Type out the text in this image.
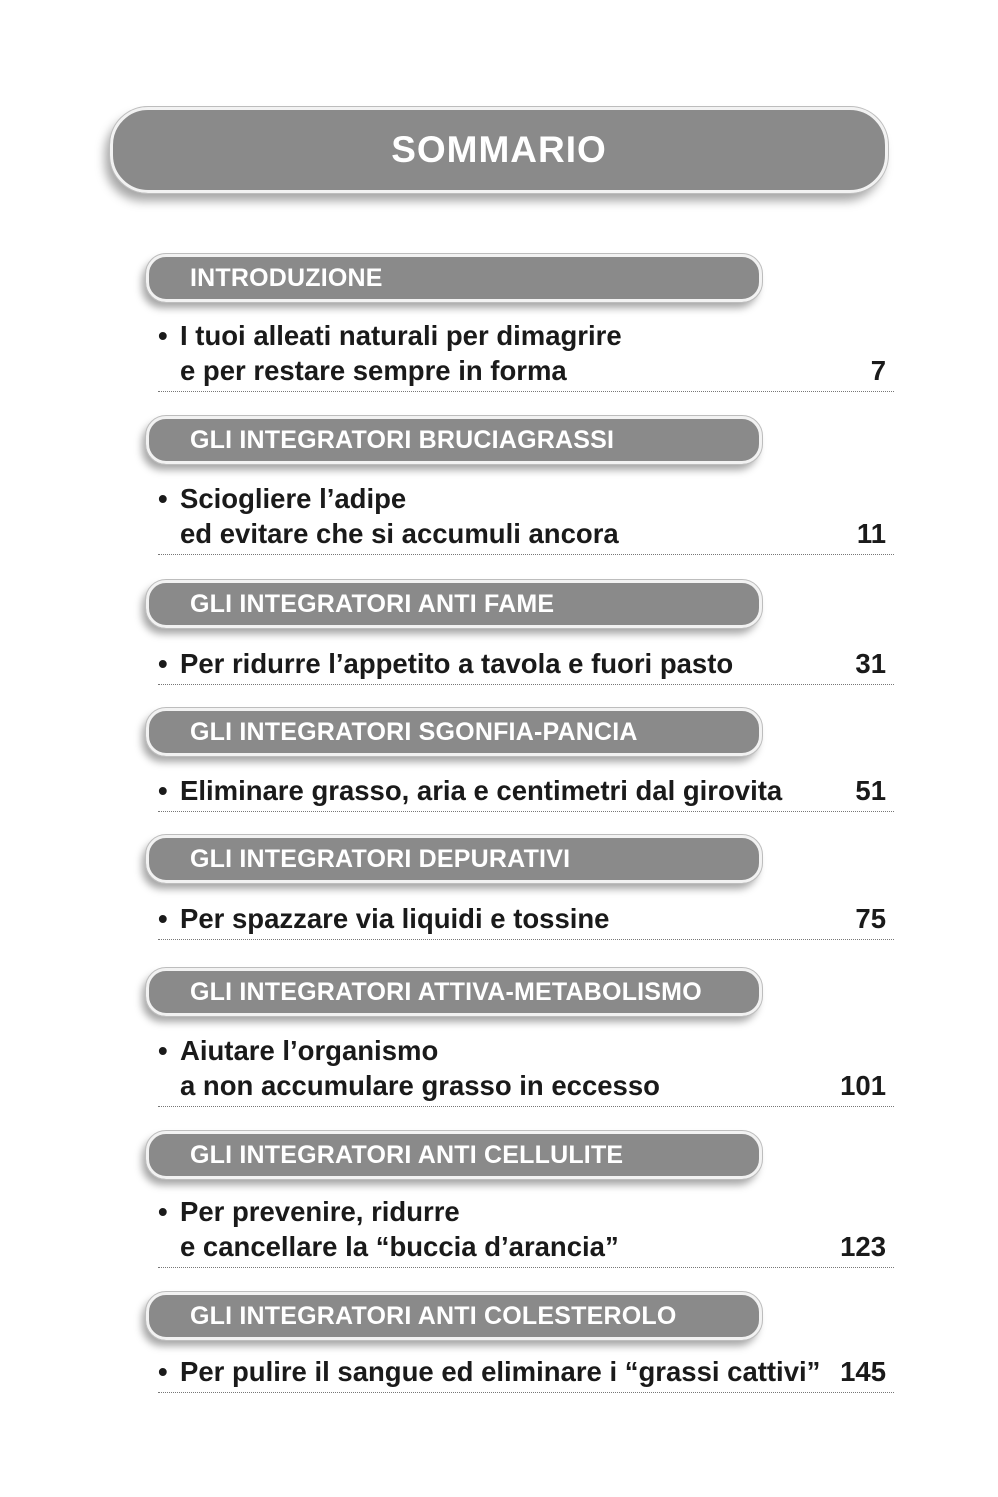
SOMMARIO
INTRODUZIONE
• I tuoi alleati naturali per dimagrire
e per restare sempre in forma	7
GLI INTEGRATORI BRUCIAGRASSI
• Sciogliere l’adipe
ed evitare che si accumuli ancora	11
GLI INTEGRATORI ANTI FAME
• Per ridurre l’appetito a tavola e fuori pasto	31
GLI INTEGRATORI SGONFIA-PANCIA
• Eliminare grasso, aria e centimetri dal girovita	51
GLI INTEGRATORI DEPURATIVI
• Per spazzare via liquidi e tossine	75
GLI INTEGRATORI ATTIVA-METABOLISMO
• Aiutare l’organismo
a non accumulare grasso in eccesso	101
GLI INTEGRATORI ANTI CELLULITE
• Per prevenire, ridurre
e cancellare la “buccia d’arancia”	123
GLI INTEGRATORI ANTI COLESTEROLO
• Per pulire il sangue ed eliminare i “grassi cattivi” 145
